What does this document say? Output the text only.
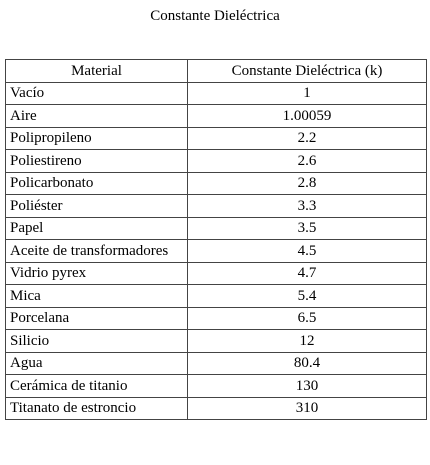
Constante Dieléctrica
Material	Constante Dieléctrica (k)
Vacío	1
Aire	1.00059
Polipropileno	2.2
Poliestireno	2.6
Policarbonato	2.8
Poliéster	3.3
Papel	3.5
Aceite de transformadores	4.5
Vidrio pyrex	4.7
Mica	5.4
Porcelana	6.5
Silicio	12
Agua	80.4
Cerámica de titanio	130
Titanato de estroncio	310
